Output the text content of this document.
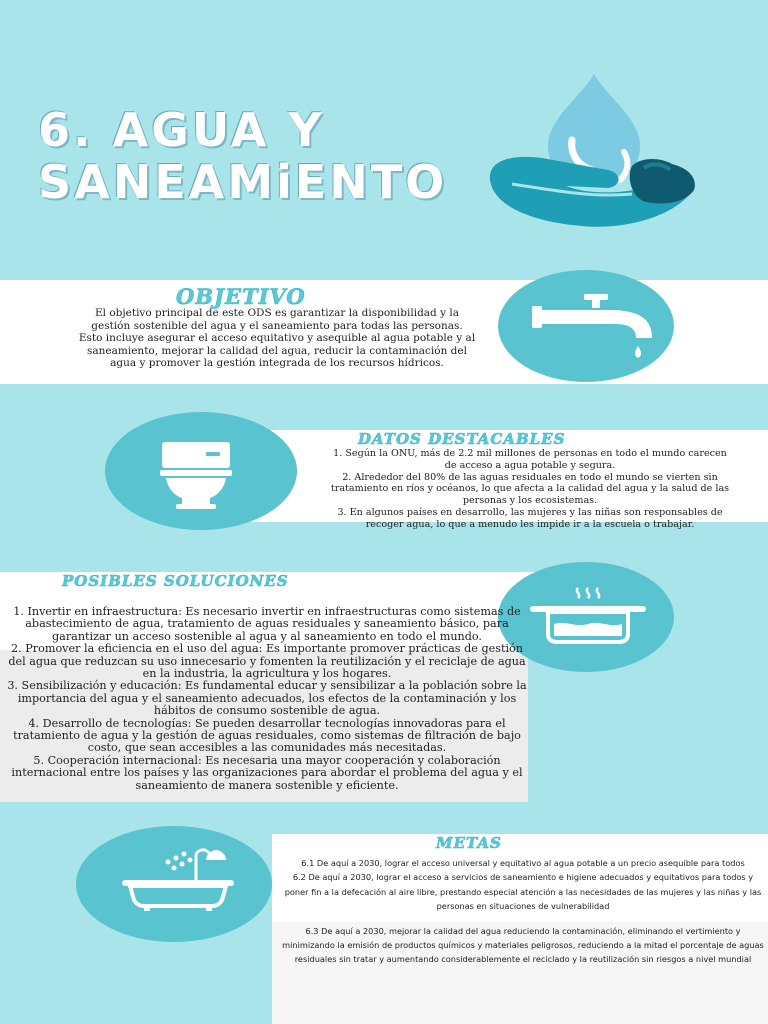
6. AGUA Y
SANEAMiENTO
OBJETIVO
El objetivo principal de este ODS es garantizar la disponibilidad y la gestión sostenible del agua y el saneamiento para todas las personas. Esto incluye asegurar el acceso equitativo y asequible al agua potable y al saneamiento, mejorar la calidad del agua, reducir la contaminación del agua y promover la gestión integrada de los recursos hídricos.
DATOS DESTACABLES
1. Según la ONU, más de 2.2 mil millones de personas en todo el mundo carecen de acceso a agua potable y segura.
2. Alrededor del 80% de las aguas residuales en todo el mundo se vierten sin tratamiento en ríos y océanos, lo que afecta a la calidad del agua y la salud de las personas y los ecosistemas.
3. En algunos países en desarrollo, las mujeres y las niñas son responsables de recoger agua, lo que a menudo les impide ir a la escuela o trabajar.
POSIBLES SOLUCIONES
1. Invertir en infraestructura: Es necesario invertir en infraestructuras como sistemas de abastecimiento de agua, tratamiento de aguas residuales y saneamiento básico, para garantizar un acceso sostenible al agua y al saneamiento en todo el mundo.
2. Promover la eficiencia en el uso del agua: Es importante promover prácticas de gestión del agua que reduzcan su uso innecesario y fomenten la reutilización y el reciclaje de agua en la industria, la agricultura y los hogares.
3. Sensibilización y educación: Es fundamental educar y sensibilizar a la población sobre la importancia del agua y el saneamiento adecuados, los efectos de la contaminación y los hábitos de consumo sostenible de agua.
4. Desarrollo de tecnologías: Se pueden desarrollar tecnologías innovadoras para el tratamiento de agua y la gestión de aguas residuales, como sistemas de filtración de bajo costo, que sean accesibles a las comunidades más necesitadas.
5. Cooperación internacional: Es necesaria una mayor cooperación y colaboración internacional entre los países y las organizaciones para abordar el problema del agua y el saneamiento de manera sostenible y eficiente.
METAS

6.1 De aquí a 2030, lograr el acceso universal y equitativo al agua potable a un precio asequible para todos

6.2 De aquí a 2030, lograr el acceso a servicios de saneamiento e higiene adecuados y equitativos para todos y poner fin a la defecación al aire libre, prestando especial atención a las necesidades de las mujeres y las niñas y las personas en situaciones de vulnerabilidad

6.3 De aquí a 2030, mejorar la calidad del agua reduciendo la contaminación, eliminando el vertimiento y minimizando la emisión de productos químicos y materiales peligrosos, reduciendo a la mitad el porcentaje de aguas residuales sin tratar y aumentando considerablemente el reciclado y la reutilización sin riesgos a nivel mundial
